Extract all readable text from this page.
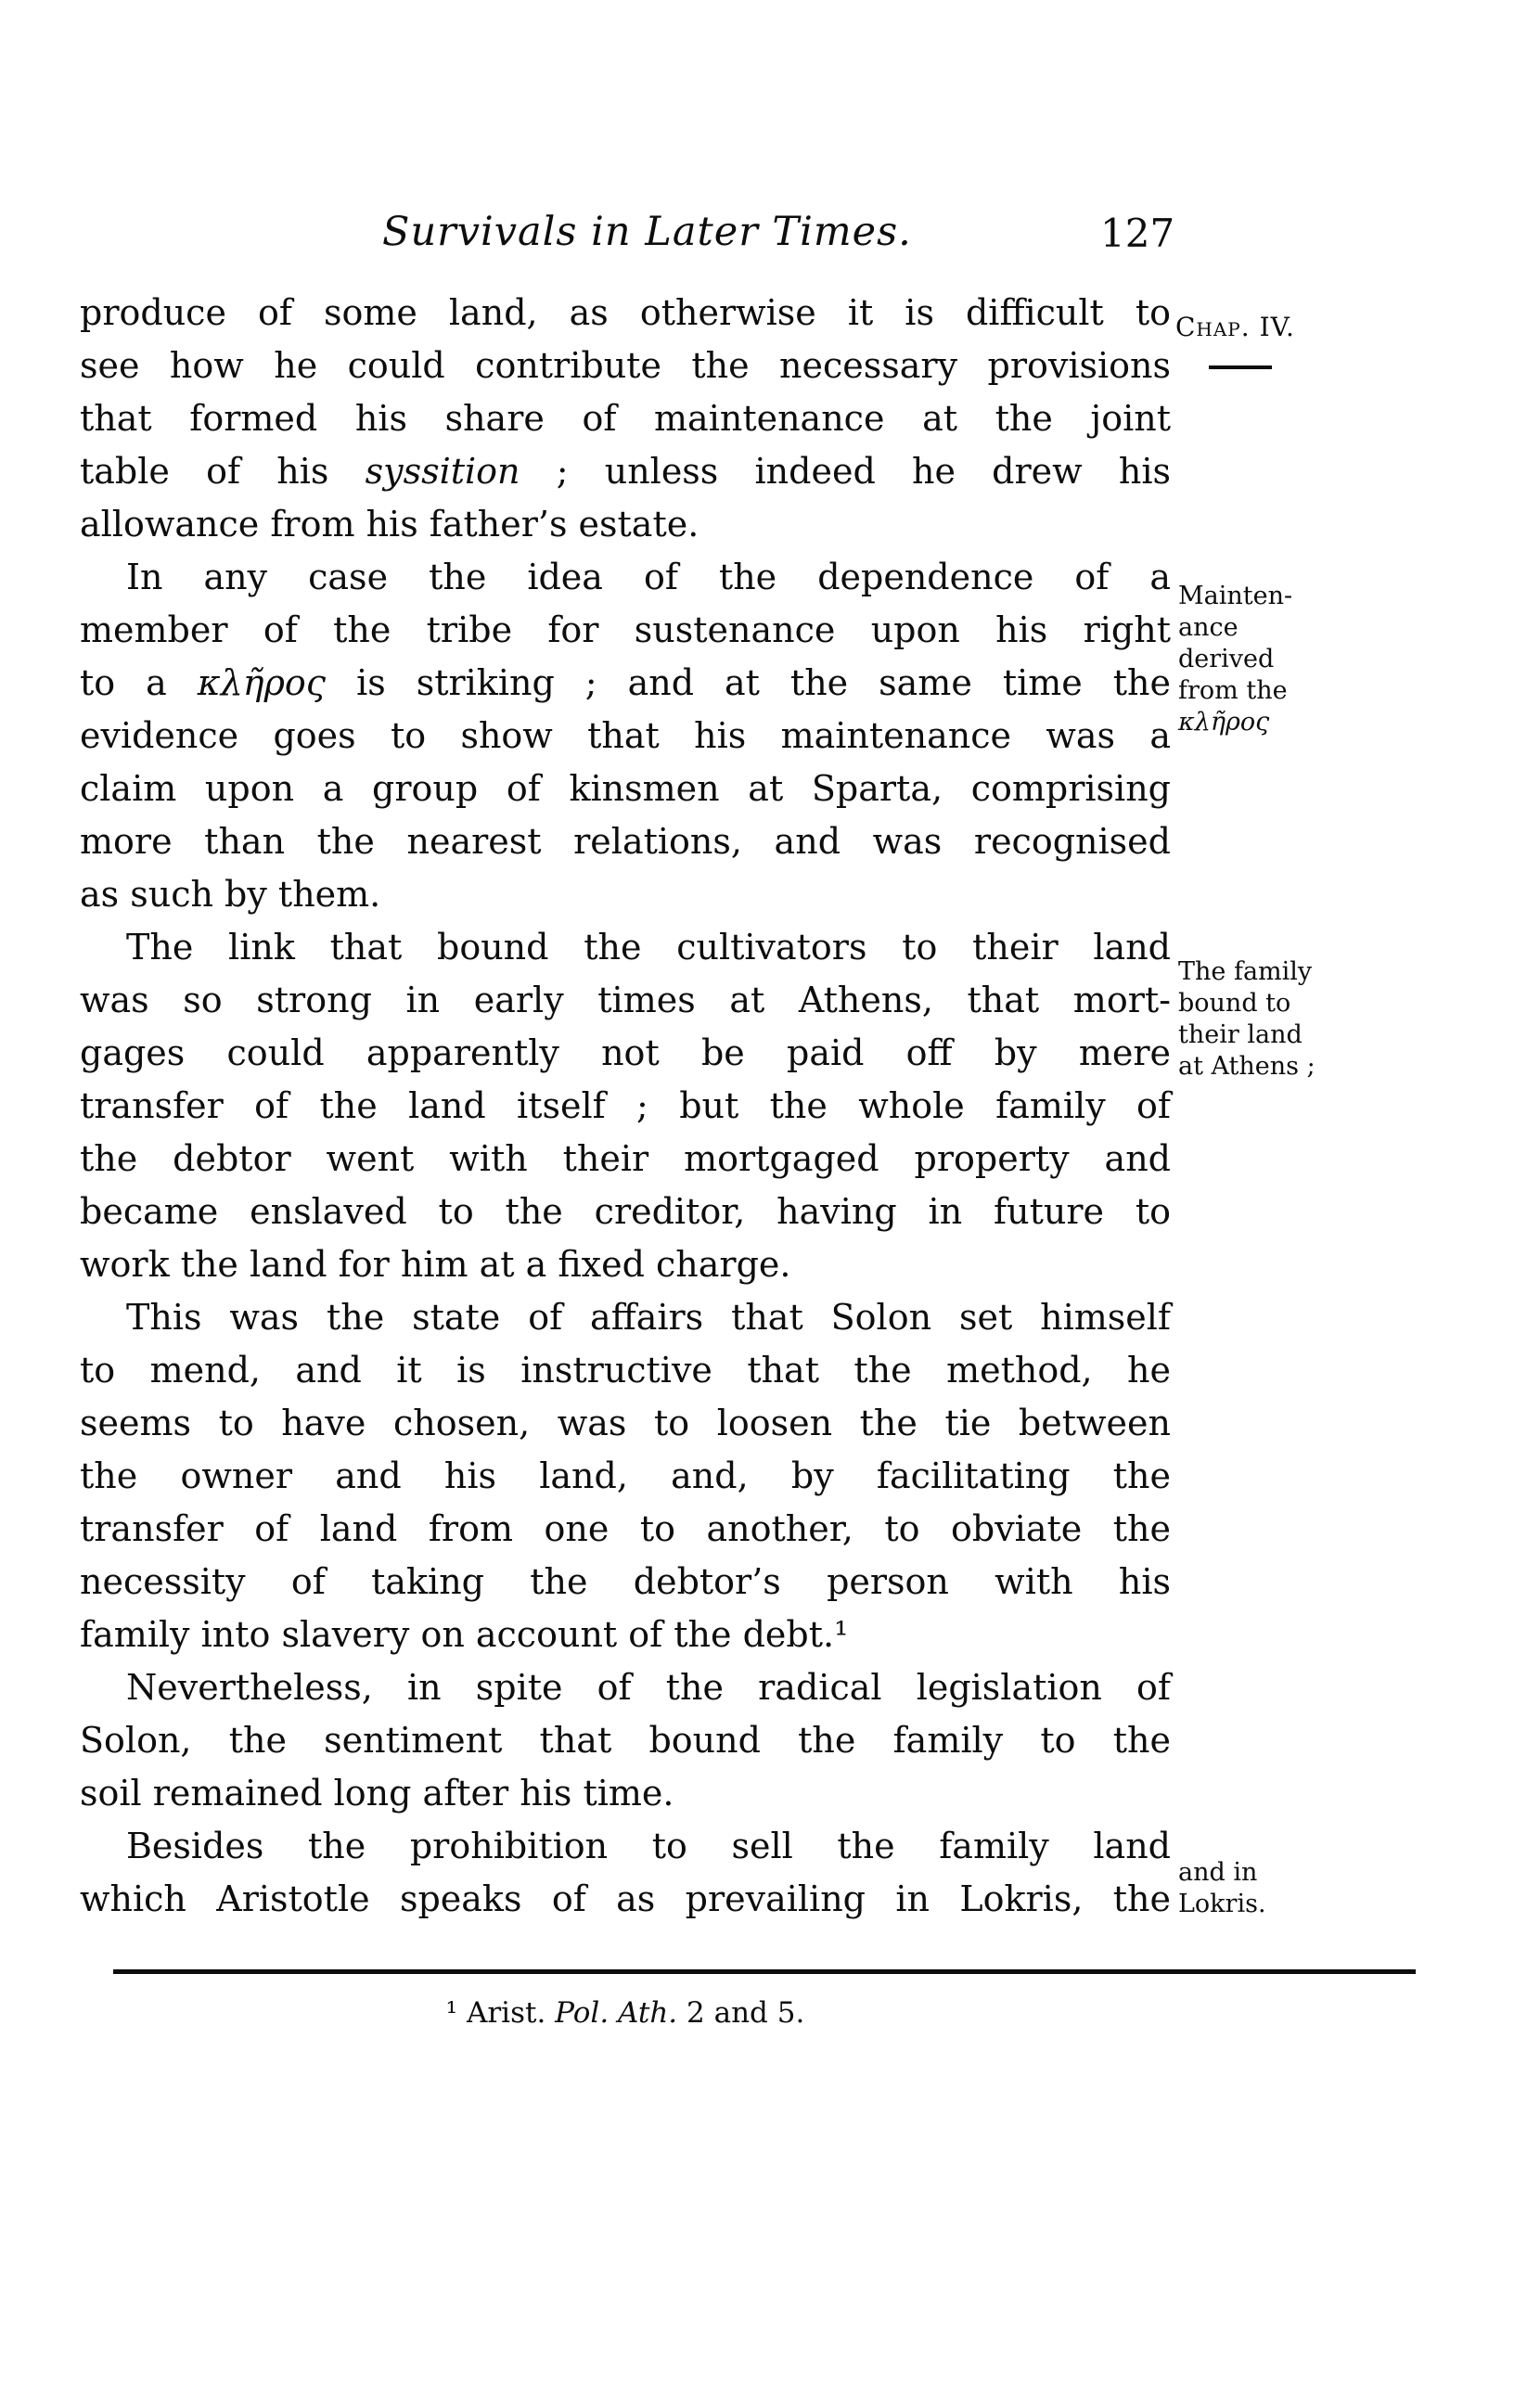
Survivals in Later Times.	127
Chap. IV.
produce of some land, as otherwise it is difficult to
see how he could contribute the necessary provisions
that formed his share of maintenance at the joint
table of his syssition ; unless indeed he drew his
allowance from his father’s estate.
In any case the idea of the dependence of a
member of the tribe for sustenance upon his right
to a κλῆρος is striking ; and at the same time the
evidence goes to show that his maintenance was a
claim upon a group of kinsmen at Sparta, comprising
more than the nearest relations, and was recognised
as such by them.
The link that bound the cultivators to their land
was so strong in early times at Athens, that mort-
gages could apparently not be paid off by mere
transfer of the land itself ; but the whole family of
the debtor went with their mortgaged property and
became enslaved to the creditor, having in future to
work the land for him at a fixed charge.
This was the state of affairs that Solon set himself
to mend, and it is instructive that the method, he
seems to have chosen, was to loosen the tie between
the owner and his land, and, by facilitating the
transfer of land from one to another, to obviate the
necessity of taking the debtor’s person with his
family into slavery on account of the debt.¹
Nevertheless, in spite of the radical legislation of
Solon, the sentiment that bound the family to the
soil remained long after his time.
Besides the prohibition to sell the family land
which Aristotle speaks of as prevailing in Lokris, the
Mainten-
ance
derived
from the
κλῆρος
The family
bound to
their land
at Athens ;
and in
Lokris.
¹ Arist. Pol. Ath. 2 and 5.
